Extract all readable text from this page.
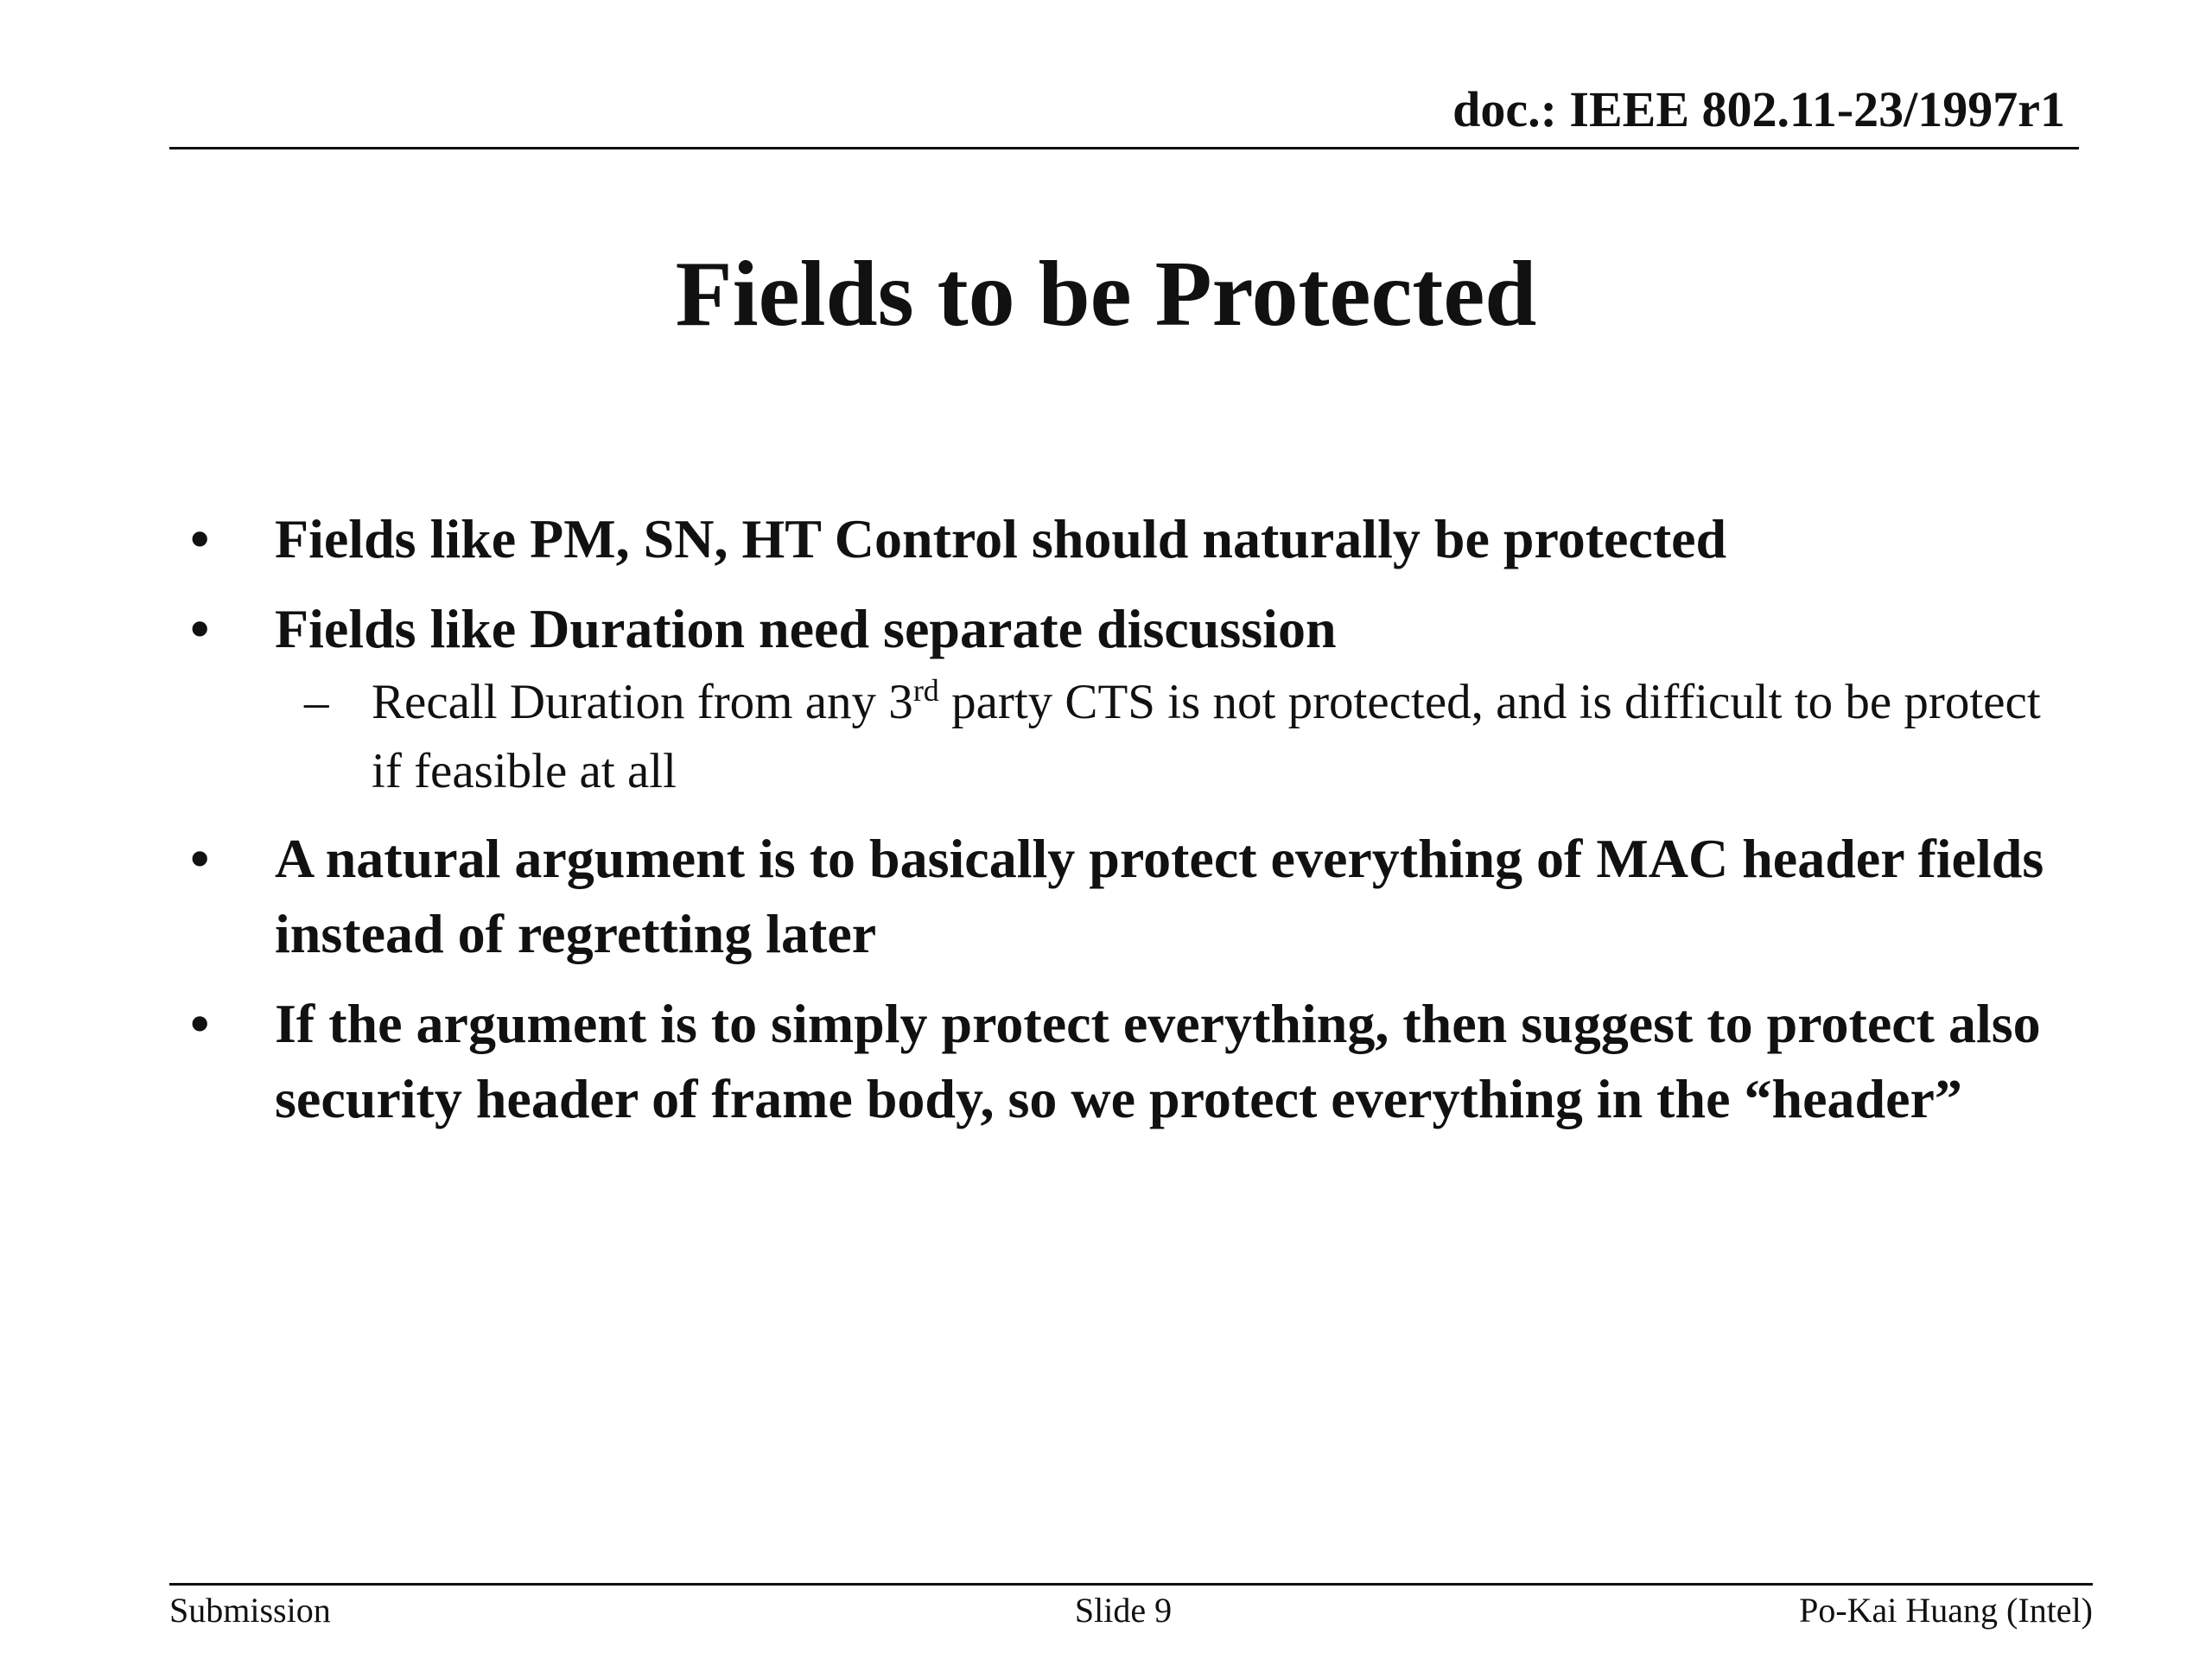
doc.: IEEE 802.11-23/1997r1
Fields to be Protected
• Fields like PM, SN, HT Control should naturally be protected
• Fields like Duration need separate discussion
– Recall Duration from any 3rd party CTS is not protected, and is difficult to be protect if feasible at all
• A natural argument is to basically protect everything of MAC header fields instead of regretting later
• If the argument is to simply protect everything, then suggest to protect also security header of frame body, so we protect everything in the “header”
Submission	Slide 9	Po-Kai Huang (Intel)
